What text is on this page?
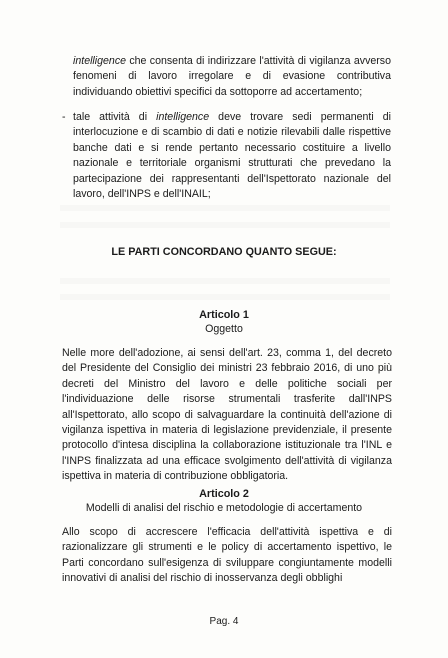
intelligence che consenta di indirizzare l'attività di vigilanza avverso fenomeni di lavoro irregolare e di evasione contributiva individuando obiettivi specifici da sottoporre ad accertamento;

- tale attività di intelligence deve trovare sedi permanenti di interlocuzione e di scambio di dati e notizie rilevabili dalle rispettive banche dati e si rende pertanto necessario costituire a livello nazionale e territoriale organismi strutturati che prevedano la partecipazione dei rappresentanti dell'Ispettorato nazionale del lavoro, dell'INPS e dell'INAIL;

LE PARTI CONCORDANO QUANTO SEGUE:
Articolo 1
Oggetto

Nelle more dell'adozione, ai sensi dell'art. 23, comma 1, del decreto del Presidente del Consiglio dei ministri 23 febbraio 2016, di uno più decreti del Ministro del lavoro e delle politiche sociali per l'individuazione delle risorse strumentali trasferite dall'INPS all'Ispettorato, allo scopo di salvaguardare la continuità dell'azione di vigilanza ispettiva in materia di legislazione previdenziale, il presente protocollo d'intesa disciplina la collaborazione istituzionale tra l'INL e l'INPS finalizzata ad una efficace svolgimento dell'attività di vigilanza ispettiva in materia di contribuzione obbligatoria.

Articolo 2
Modelli di analisi del rischio e metodologie di accertamento

Allo scopo di accrescere l'efficacia dell'attività ispettiva e di razionalizzare gli strumenti e le policy di accertamento ispettivo, le Parti concordano sull'esigenza di sviluppare congiuntamente modelli innovativi di analisi del rischio di inosservanza degli obblighi

Pag. 4
